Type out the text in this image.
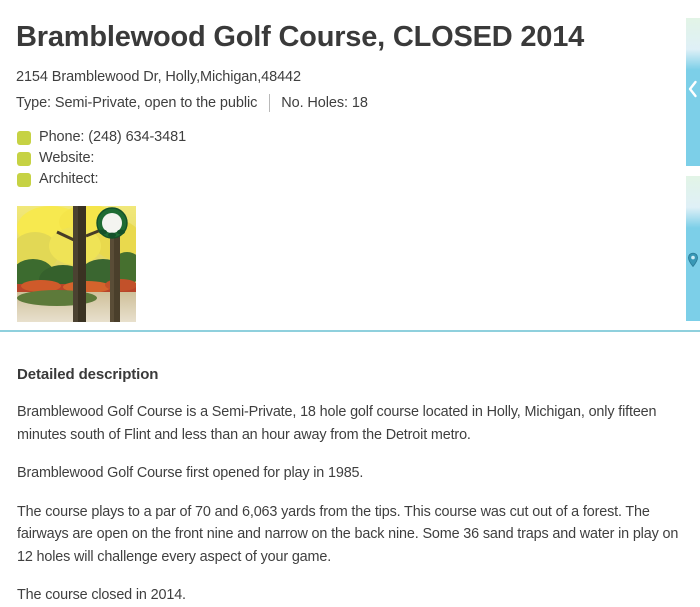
Bramblewood Golf Course, CLOSED 2014

2154 Bramblewood Dr, Holly,Michigan,48442

Type: Semi-Private, open to the public No. Holes: 18
Phone: (248) 634-3481
Website:
Architect:
Detailed description

Bramblewood Golf Course is a Semi-Private, 18 hole golf course located in Holly, Michigan, only fifteen minutes south of Flint and less than an hour away from the Detroit metro.

Bramblewood Golf Course first opened for play in 1985.

The course plays to a par of 70 and 6,063 yards from the tips. This course was cut out of a forest. The fairways are open on the front nine and narrow on the back nine. Some 36 sand traps and water in play on 12 holes will challenge every aspect of your game.

The course closed in 2014.
